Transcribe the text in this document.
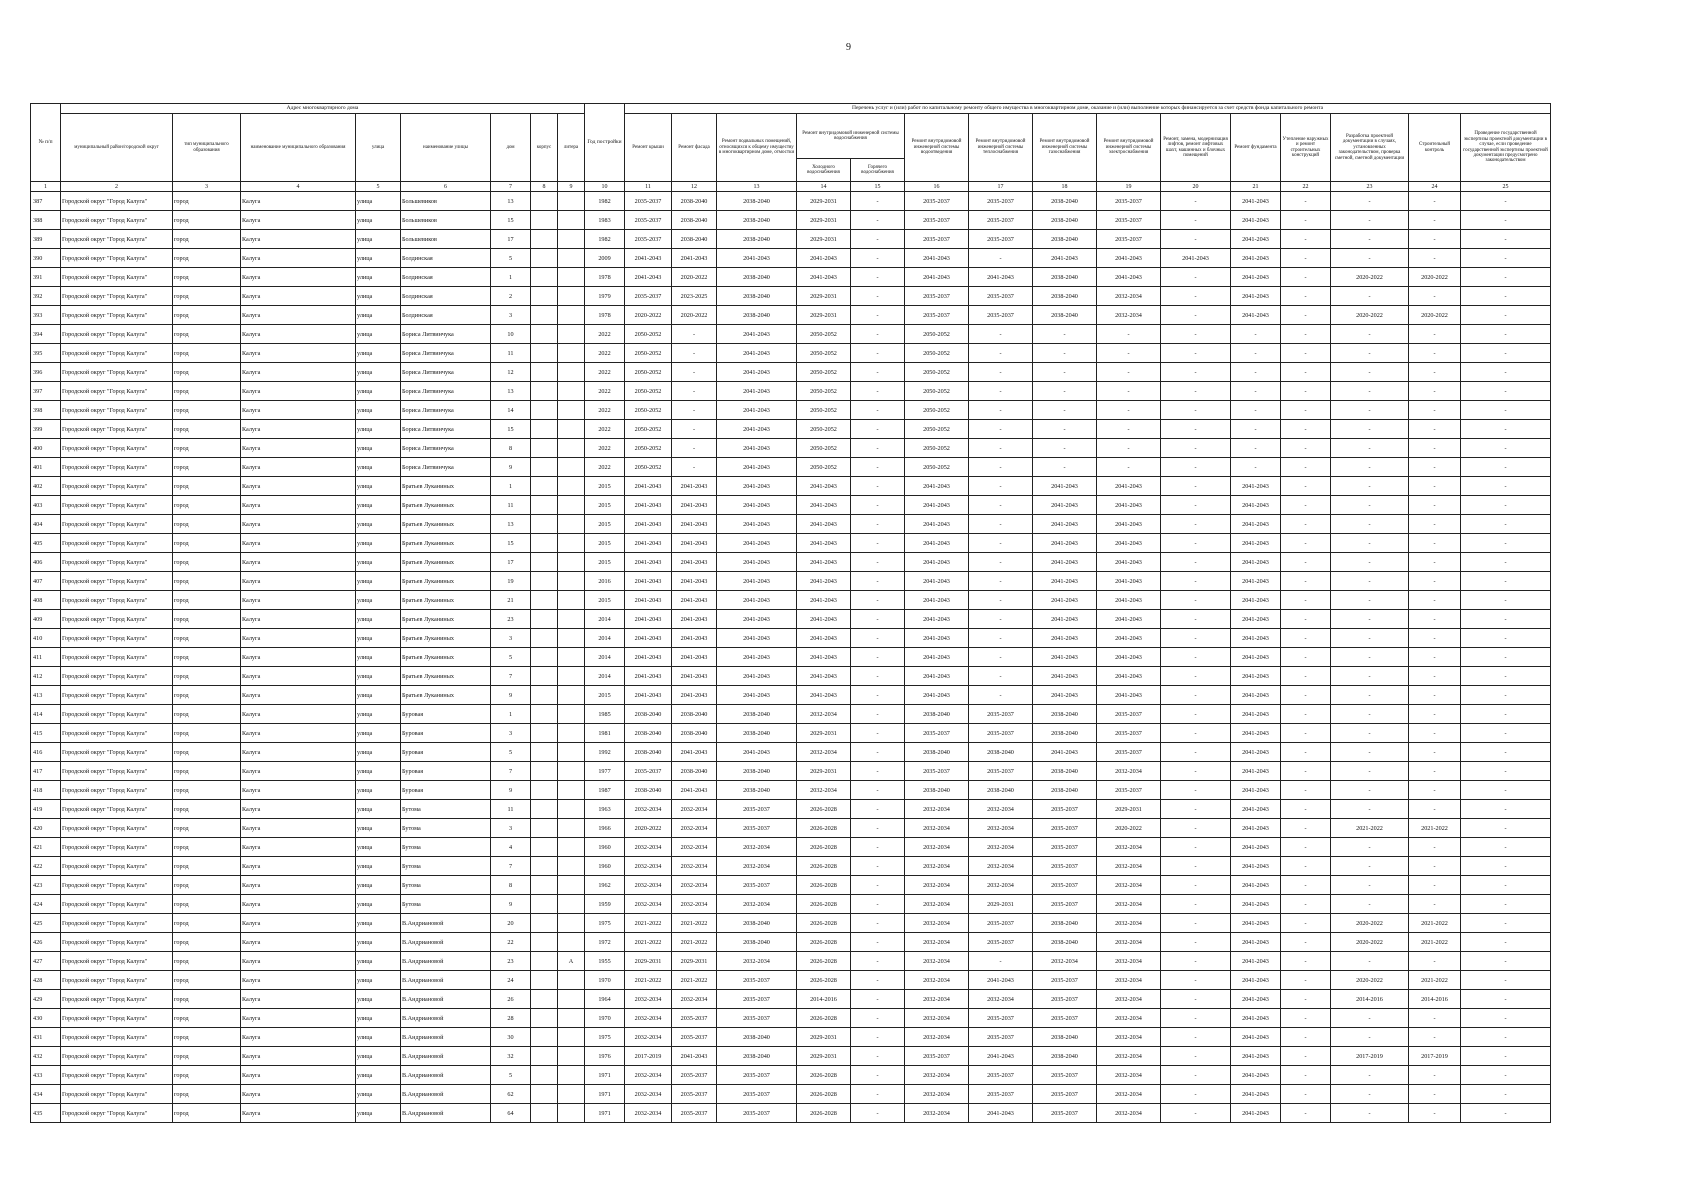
9
№ п/п	Адрес многоквартирного дома								Год постройки	Перечень услуг и (или) работ по капитальному ремонту общего имущества в многоквартирном доме, оказание и (или) выполнение которых финансируется за счет средств фонда капитального ремонта														
	муниципальный район/городской округ	тип муниципального образования	наименование муниципального образования	улица	наименование улицы	дом	корпус	литера		Ремонт крыши	Ремонт фасада	Ремонт подвальных помещений, относящихся к общему имуществу в многоквартирном доме, отмостки	Ремонт внутридомовой инженерной системы водоснабжения		Ремонт внутридомовой инженерной системы водоотведения	Ремонт внутридомовой инженерной системы теплоснабжения	Ремонт внутридомовой инженерной системы газоснабжения	Ремонт внутридомовой инженерной системы электроснабжения	Ремонт, замена, модернизация лифтов, ремонт лифтовых шахт, машинных и блочных помещений	Ремонт фундамента	Утепление наружных и ремонт строительных конструкций	Разработка проектной документации в случаях, установленных законодательством, проверка сметной, сметной документации	Строительный контроль	Проведение государственной экспертизы проектной документации в случае, если проведение государственной экспертизы проектной документации предусмотрено законодательством
													Холодного водоснабжения	Горячего водоснабжения										
1	2	3	4	5	6	7	8	9	10	11	12	13	14	15	16	17	18	19	20	21	22	23	24	25
387	Городской округ "Город Калуга"	город	Калуга	улица	Большевиков	13			1982	2035-2037	2038-2040	2038-2040	2029-2031	-	2035-2037	2035-2037	2038-2040	2035-2037	-	2041-2043	-	-	-	-
388	Городской округ "Город Калуга"	город	Калуга	улица	Большевиков	15			1983	2035-2037	2038-2040	2038-2040	2029-2031	-	2035-2037	2035-2037	2038-2040	2035-2037	-	2041-2043	-	-	-	-
389	Городской округ "Город Калуга"	город	Калуга	улица	Большевиков	17			1982	2035-2037	2038-2040	2038-2040	2029-2031	-	2035-2037	2035-2037	2038-2040	2035-2037	-	2041-2043	-	-	-	-
390	Городской округ "Город Калуга"	город	Калуга	улица	Болдинская	5			2009	2041-2043	2041-2043	2041-2043	2041-2043	-	2041-2043	-	2041-2043	2041-2043	2041-2043	2041-2043	-	-	-	-
391	Городской округ "Город Калуга"	город	Калуга	улица	Болдинская	1			1978	2041-2043	2020-2022	2038-2040	2041-2043	-	2041-2043	2041-2043	2038-2040	2041-2043	-	2041-2043	-	2020-2022	2020-2022	-
392	Городской округ "Город Калуга"	город	Калуга	улица	Болдинская	2			1979	2035-2037	2023-2025	2038-2040	2029-2031	-	2035-2037	2035-2037	2038-2040	2032-2034	-	2041-2043	-	-	-	-
393	Городской округ "Город Калуга"	город	Калуга	улица	Болдинская	3			1978	2020-2022	2020-2022	2038-2040	2029-2031	-	2035-2037	2035-2037	2038-2040	2032-2034	-	2041-2043	-	2020-2022	2020-2022	-
394	Городской округ "Город Калуга"	город	Калуга	улица	Бориса Литвинчука	10			2022	2050-2052	-	2041-2043	2050-2052	-	2050-2052	-	-	-	-	-	-	-	-	-
395	Городской округ "Город Калуга"	город	Калуга	улица	Бориса Литвинчука	11			2022	2050-2052	-	2041-2043	2050-2052	-	2050-2052	-	-	-	-	-	-	-	-	-
396	Городской округ "Город Калуга"	город	Калуга	улица	Бориса Литвинчука	12			2022	2050-2052	-	2041-2043	2050-2052	-	2050-2052	-	-	-	-	-	-	-	-	-
397	Городской округ "Город Калуга"	город	Калуга	улица	Бориса Литвинчука	13			2022	2050-2052	-	2041-2043	2050-2052	-	2050-2052	-	-	-	-	-	-	-	-	-
398	Городской округ "Город Калуга"	город	Калуга	улица	Бориса Литвинчука	14			2022	2050-2052	-	2041-2043	2050-2052	-	2050-2052	-	-	-	-	-	-	-	-	-
399	Городской округ "Город Калуга"	город	Калуга	улица	Бориса Литвинчука	15			2022	2050-2052	-	2041-2043	2050-2052	-	2050-2052	-	-	-	-	-	-	-	-	-
400	Городской округ "Город Калуга"	город	Калуга	улица	Бориса Литвинчука	8			2022	2050-2052	-	2041-2043	2050-2052	-	2050-2052	-	-	-	-	-	-	-	-	-
401	Городской округ "Город Калуга"	город	Калуга	улица	Бориса Литвинчука	9			2022	2050-2052	-	2041-2043	2050-2052	-	2050-2052	-	-	-	-	-	-	-	-	-
402	Городской округ "Город Калуга"	город	Калуга	улица	Братьев Луканиных	1			2015	2041-2043	2041-2043	2041-2043	2041-2043	-	2041-2043	-	2041-2043	2041-2043	-	2041-2043	-	-	-	-
403	Городской округ "Город Калуга"	город	Калуга	улица	Братьев Луканиных	11			2015	2041-2043	2041-2043	2041-2043	2041-2043	-	2041-2043	-	2041-2043	2041-2043	-	2041-2043	-	-	-	-
404	Городской округ "Город Калуга"	город	Калуга	улица	Братьев Луканиных	13			2015	2041-2043	2041-2043	2041-2043	2041-2043	-	2041-2043	-	2041-2043	2041-2043	-	2041-2043	-	-	-	-
405	Городской округ "Город Калуга"	город	Калуга	улица	Братьев Луканиных	15			2015	2041-2043	2041-2043	2041-2043	2041-2043	-	2041-2043	-	2041-2043	2041-2043	-	2041-2043	-	-	-	-
406	Городской округ "Город Калуга"	город	Калуга	улица	Братьев Луканиных	17			2015	2041-2043	2041-2043	2041-2043	2041-2043	-	2041-2043	-	2041-2043	2041-2043	-	2041-2043	-	-	-	-
407	Городской округ "Город Калуга"	город	Калуга	улица	Братьев Луканиных	19			2016	2041-2043	2041-2043	2041-2043	2041-2043	-	2041-2043	-	2041-2043	2041-2043	-	2041-2043	-	-	-	-
408	Городской округ "Город Калуга"	город	Калуга	улица	Братьев Луканиных	21			2015	2041-2043	2041-2043	2041-2043	2041-2043	-	2041-2043	-	2041-2043	2041-2043	-	2041-2043	-	-	-	-
409	Городской округ "Город Калуга"	город	Калуга	улица	Братьев Луканиных	23			2014	2041-2043	2041-2043	2041-2043	2041-2043	-	2041-2043	-	2041-2043	2041-2043	-	2041-2043	-	-	-	-
410	Городской округ "Город Калуга"	город	Калуга	улица	Братьев Луканиных	3			2014	2041-2043	2041-2043	2041-2043	2041-2043	-	2041-2043	-	2041-2043	2041-2043	-	2041-2043	-	-	-	-
411	Городской округ "Город Калуга"	город	Калуга	улица	Братьев Луканиных	5			2014	2041-2043	2041-2043	2041-2043	2041-2043	-	2041-2043	-	2041-2043	2041-2043	-	2041-2043	-	-	-	-
412	Городской округ "Город Калуга"	город	Калуга	улица	Братьев Луканиных	7			2014	2041-2043	2041-2043	2041-2043	2041-2043	-	2041-2043	-	2041-2043	2041-2043	-	2041-2043	-	-	-	-
413	Городской округ "Город Калуга"	город	Калуга	улица	Братьев Луканиных	9			2015	2041-2043	2041-2043	2041-2043	2041-2043	-	2041-2043	-	2041-2043	2041-2043	-	2041-2043	-	-	-	-
414	Городской округ "Город Калуга"	город	Калуга	улица	Буровая	1			1985	2038-2040	2038-2040	2038-2040	2032-2034	-	2038-2040	2035-2037	2038-2040	2035-2037	-	2041-2043	-	-	-	-
415	Городской округ "Город Калуга"	город	Калуга	улица	Буровая	3			1981	2038-2040	2038-2040	2038-2040	2029-2031	-	2035-2037	2035-2037	2038-2040	2035-2037	-	2041-2043	-	-	-	-
416	Городской округ "Город Калуга"	город	Калуга	улица	Буровая	5			1992	2038-2040	2041-2043	2041-2043	2032-2034	-	2038-2040	2038-2040	2041-2043	2035-2037	-	2041-2043	-	-	-	-
417	Городской округ "Город Калуга"	город	Калуга	улица	Буровая	7			1977	2035-2037	2038-2040	2038-2040	2029-2031	-	2035-2037	2035-2037	2038-2040	2032-2034	-	2041-2043	-	-	-	-
418	Городской округ "Город Калуга"	город	Калуга	улица	Буровая	9			1987	2038-2040	2041-2043	2038-2040	2032-2034	-	2038-2040	2038-2040	2038-2040	2035-2037	-	2041-2043	-	-	-	-
419	Городской округ "Город Калуга"	город	Калуга	улица	Бутома	11			1963	2032-2034	2032-2034	2035-2037	2026-2028	-	2032-2034	2032-2034	2035-2037	2029-2031	-	2041-2043	-	-	-	-
420	Городской округ "Город Калуга"	город	Калуга	улица	Бутома	3			1966	2020-2022	2032-2034	2035-2037	2026-2028	-	2032-2034	2032-2034	2035-2037	2020-2022	-	2041-2043	-	2021-2022	2021-2022	-
421	Городской округ "Город Калуга"	город	Калуга	улица	Бутома	4			1960	2032-2034	2032-2034	2032-2034	2026-2028	-	2032-2034	2032-2034	2035-2037	2032-2034	-	2041-2043	-	-	-	-
422	Городской округ "Город Калуга"	город	Калуга	улица	Бутома	7			1960	2032-2034	2032-2034	2032-2034	2026-2028	-	2032-2034	2032-2034	2035-2037	2032-2034	-	2041-2043	-	-	-	-
423	Городской округ "Город Калуга"	город	Калуга	улица	Бутома	8			1962	2032-2034	2032-2034	2035-2037	2026-2028	-	2032-2034	2032-2034	2035-2037	2032-2034	-	2041-2043	-	-	-	-
424	Городской округ "Город Калуга"	город	Калуга	улица	Бутома	9			1959	2032-2034	2032-2034	2032-2034	2026-2028	-	2032-2034	2029-2031	2035-2037	2032-2034	-	2041-2043	-	-	-	-
425	Городской округ "Город Калуга"	город	Калуга	улица	В.Андриановой	20			1975	2021-2022	2021-2022	2038-2040	2026-2028	-	2032-2034	2035-2037	2038-2040	2032-2034	-	2041-2043	-	2020-2022	2021-2022	-
426	Городской округ "Город Калуга"	город	Калуга	улица	В.Андриановой	22			1972	2021-2022	2021-2022	2038-2040	2026-2028	-	2032-2034	2035-2037	2038-2040	2032-2034	-	2041-2043	-	2020-2022	2021-2022	-
427	Городской округ "Город Калуга"	город	Калуга	улица	В.Андриановой	23		А	1955	2029-2031	2029-2031	2032-2034	2026-2028	-	2032-2034	-	2032-2034	2032-2034	-	2041-2043	-	-	-	-
428	Городской округ "Город Калуга"	город	Калуга	улица	В.Андриановой	24			1970	2021-2022	2021-2022	2035-2037	2026-2028	-	2032-2034	2041-2043	2035-2037	2032-2034	-	2041-2043	-	2020-2022	2021-2022	-
429	Городской округ "Город Калуга"	город	Калуга	улица	В.Андриановой	26			1964	2032-2034	2032-2034	2035-2037	2014-2016	-	2032-2034	2032-2034	2035-2037	2032-2034	-	2041-2043	-	2014-2016	2014-2016	-
430	Городской округ "Город Калуга"	город	Калуга	улица	В.Андриановой	28			1970	2032-2034	2035-2037	2035-2037	2026-2028	-	2032-2034	2035-2037	2035-2037	2032-2034	-	2041-2043	-	-	-	-
431	Городской округ "Город Калуга"	город	Калуга	улица	В.Андриановой	30			1975	2032-2034	2035-2037	2038-2040	2029-2031	-	2032-2034	2035-2037	2038-2040	2032-2034	-	2041-2043	-	-	-	-
432	Городской округ "Город Калуга"	город	Калуга	улица	В.Андриановой	32			1976	2017-2019	2041-2043	2038-2040	2029-2031	-	2035-2037	2041-2043	2038-2040	2032-2034	-	2041-2043	-	2017-2019	2017-2019	-
433	Городской округ "Город Калуга"	город	Калуга	улица	В.Андриановой	5			1971	2032-2034	2035-2037	2035-2037	2026-2028	-	2032-2034	2035-2037	2035-2037	2032-2034	-	2041-2043	-	-	-	-
434	Городской округ "Город Калуга"	город	Калуга	улица	В.Андриановой	62			1971	2032-2034	2035-2037	2035-2037	2026-2028	-	2032-2034	2035-2037	2035-2037	2032-2034	-	2041-2043	-	-	-	-
435	Городской округ "Город Калуга"	город	Калуга	улица	В.Андриановой	64			1971	2032-2034	2035-2037	2035-2037	2026-2028	-	2032-2034	2041-2043	2035-2037	2032-2034	-	2041-2043	-	-	-	-
